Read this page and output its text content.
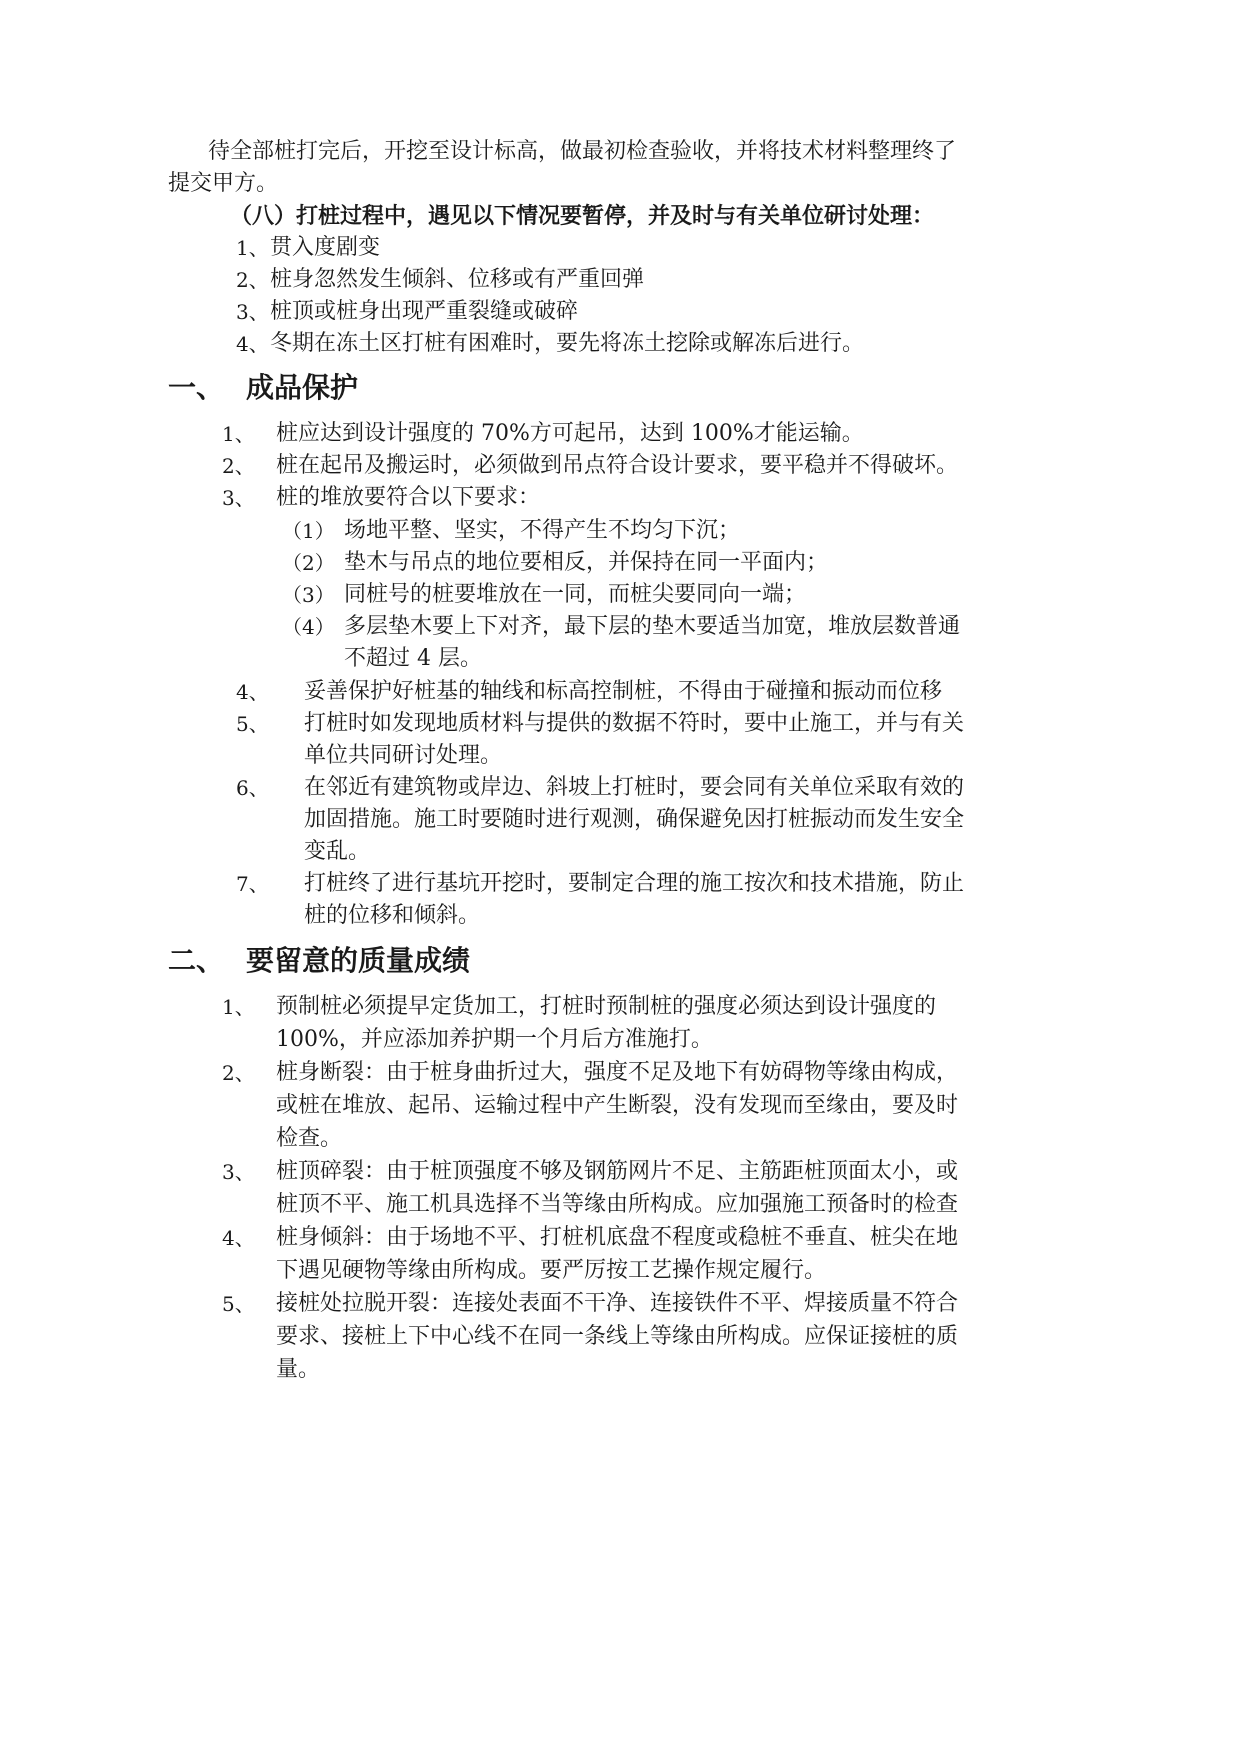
待全部桩打完后，开挖至设计标高，做最初检查验收，并将技术材料整理终了
提交甲方。
（八）打桩过程中，遇见以下情况要暂停，并及时与有关单位研讨处理：
1、 贯入度剧变
2、 桩身忽然发生倾斜、位移或有严重回弹
3、 桩顶或桩身出现严重裂缝或破碎
4、 冬期在冻土区打桩有困难时，要先将冻土挖除或解冻后进行。
一、 成品保护
1、 桩应达到设计强度的 70%方可起吊，达到 100%才能运输。
2、 桩在起吊及搬运时，必须做到吊点符合设计要求，要平稳并不得破坏。
3、 桩的堆放要符合以下要求：
（1） 场地平整、坚实，不得产生不均匀下沉；
（2） 垫木与吊点的地位要相反，并保持在同一平面内；
（3） 同桩号的桩要堆放在一同，而桩尖要同向一端；
（4） 多层垫木要上下对齐，最下层的垫木要适当加宽，堆放层数普通
不超过 4 层。
4、 妥善保护好桩基的轴线和标高控制桩，不得由于碰撞和振动而位移
5、 打桩时如发现地质材料与提供的数据不符时，要中止施工，并与有关
单位共同研讨处理。
6、 在邻近有建筑物或岸边、斜坡上打桩时，要会同有关单位采取有效的
加固措施。施工时要随时进行观测，确保避免因打桩振动而发生安全
变乱。
7、 打桩终了进行基坑开挖时，要制定合理的施工按次和技术措施，防止
桩的位移和倾斜。
二、 要留意的质量成绩
1、 预制桩必须提早定货加工，打桩时预制桩的强度必须达到设计强度的
100%，并应添加养护期一个月后方准施打。
2、 桩身断裂：由于桩身曲折过大，强度不足及地下有妨碍物等缘由构成，
或桩在堆放、起吊、运输过程中产生断裂，没有发现而至缘由，要及时
检查。
3、 桩顶碎裂：由于桩顶强度不够及钢筋网片不足、主筋距桩顶面太小，或
桩顶不平、施工机具选择不当等缘由所构成。应加强施工预备时的检查
4、 桩身倾斜：由于场地不平、打桩机底盘不程度或稳桩不垂直、桩尖在地
下遇见硬物等缘由所构成。要严厉按工艺操作规定履行。
5、 接桩处拉脱开裂：连接处表面不干净、连接铁件不平、焊接质量不符合
要求、接桩上下中心线不在同一条线上等缘由所构成。应保证接桩的质
量。
